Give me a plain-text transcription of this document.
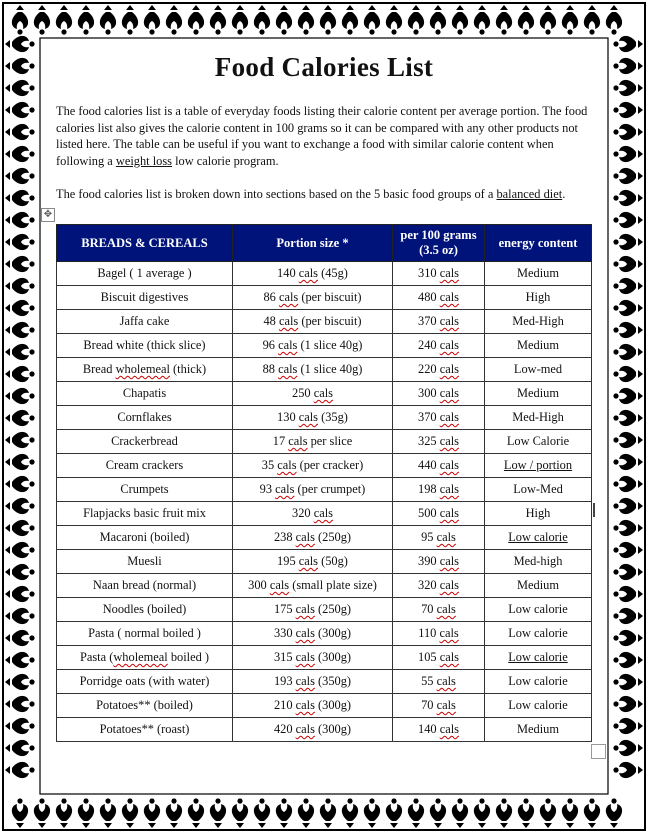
Food Calories List

The food calories list is a table of everyday foods listing their calorie content per average portion. The food calories list also gives the calorie content in 100 grams so it can be compared with any other products not listed here. The table can be useful if you want to exchange a food with similar calorie content when following a weight loss low calorie program.

The food calories list is broken down into sections based on the 5 basic food groups of a balanced diet.

✥
BREADS & CEREALS	Portion size *	per 100 grams (3.5 oz)	energy content
Bagel ( 1 average )	140 cals (45g)	310 cals	Medium
Biscuit digestives	86 cals (per biscuit)	480 cals	High
Jaffa cake	48 cals (per biscuit)	370 cals	Med-High
Bread white (thick slice)	96 cals (1 slice 40g)	240 cals	Medium
Bread wholemeal (thick)	88 cals (1 slice 40g)	220 cals	Low-med
Chapatis	250 cals	300 cals	Medium
Cornflakes	130 cals (35g)	370 cals	Med-High
Crackerbread	17 cals per slice	325 cals	Low Calorie
Cream crackers	35 cals (per cracker)	440 cals	Low / portion
Crumpets	93 cals (per crumpet)	198 cals	Low-Med
Flapjacks basic fruit mix	320 cals	500 cals	High
Macaroni (boiled)	238 cals (250g)	95 cals	Low calorie
Muesli	195 cals (50g)	390 cals	Med-high
Naan bread (normal)	300 cals (small plate size)	320 cals	Medium
Noodles (boiled)	175 cals (250g)	70 cals	Low calorie
Pasta ( normal boiled )	330 cals (300g)	110 cals	Low calorie
Pasta (wholemeal boiled )	315 cals (300g)	105 cals	Low calorie
Porridge oats (with water)	193 cals (350g)	55 cals	Low calorie
Potatoes** (boiled)	210 cals (300g)	70 cals	Low calorie
Potatoes** (roast)	420 cals (300g)	140 cals	Medium
